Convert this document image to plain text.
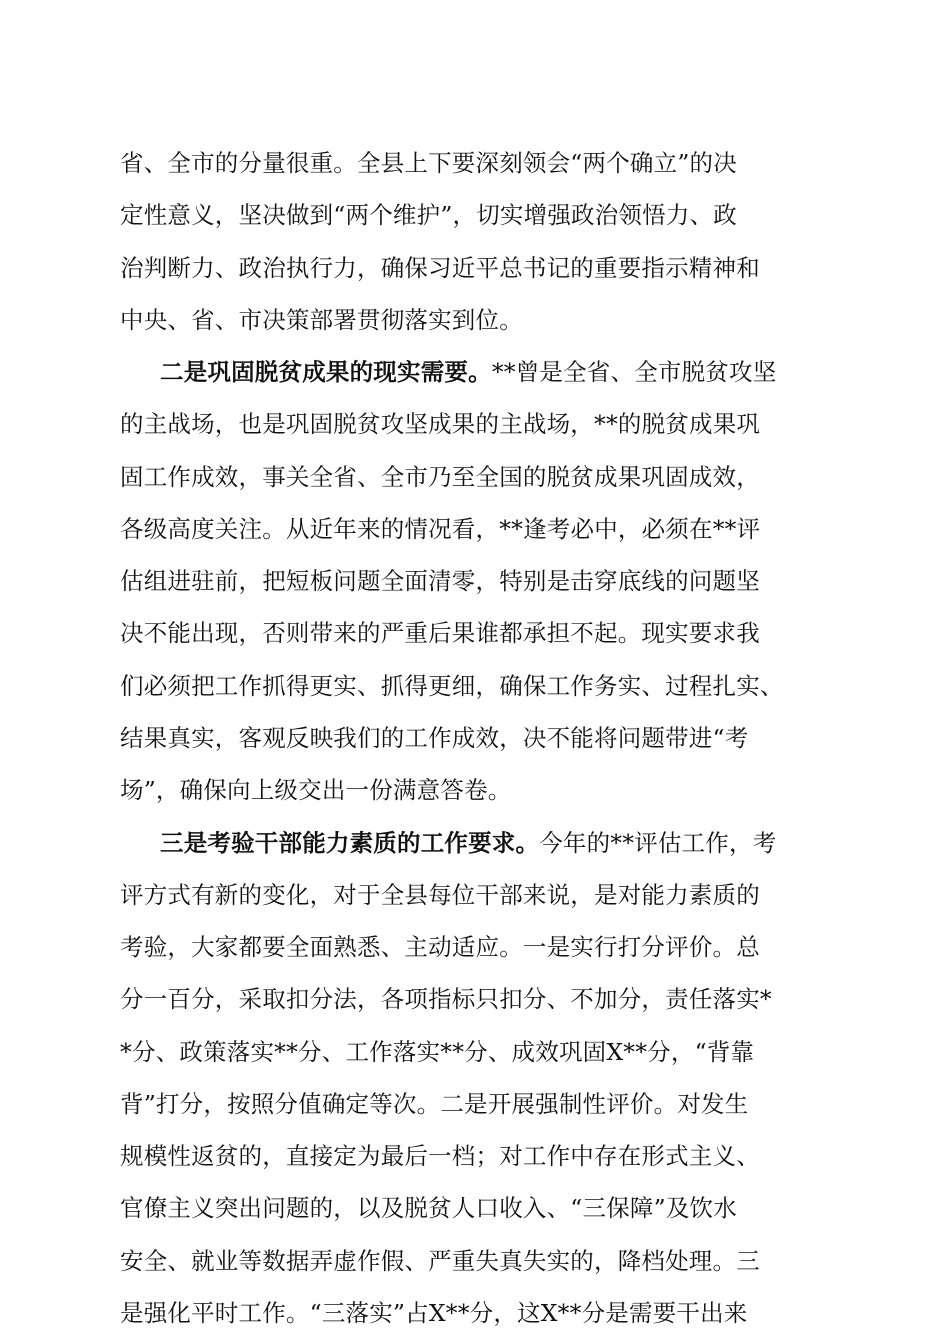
省、全市的分量很重。全县上下要深刻领会“两个确立”的决
定性意义，坚决做到“两个维护”，切实增强政治领悟力、政
治判断力、政治执行力，确保习近平总书记的重要指示精神和
中央、省、市决策部署贯彻落实到位。
二是巩固脱贫成果的现实需要。**曾是全省、全市脱贫攻坚
的主战场，也是巩固脱贫攻坚成果的主战场，**的脱贫成果巩
固工作成效，事关全省、全市乃至全国的脱贫成果巩固成效，
各级高度关注。从近年来的情况看，**逢考必中，必须在**评
估组进驻前，把短板问题全面清零，特别是击穿底线的问题坚
决不能出现，否则带来的严重后果谁都承担不起。现实要求我
们必须把工作抓得更实、抓得更细，确保工作务实、过程扎实、
结果真实，客观反映我们的工作成效，决不能将问题带进“考
场”，确保向上级交出一份满意答卷。
三是考验干部能力素质的工作要求。今年的**评估工作，考
评方式有新的变化，对于全县每位干部来说，是对能力素质的
考验，大家都要全面熟悉、主动适应。一是实行打分评价。总
分一百分，采取扣分法，各项指标只扣分、不加分，责任落实*
*分、政策落实**分、工作落实**分、成效巩固X**分，“背靠
背”打分，按照分值确定等次。二是开展强制性评价。对发生
规模性返贫的，直接定为最后一档；对工作中存在形式主义、
官僚主义突出问题的，以及脱贫人口收入、“三保障”及饮水
安全、就业等数据弄虚作假、严重失真失实的，降档处理。三
是强化平时工作。“三落实”占X**分，这X**分是需要干出来
